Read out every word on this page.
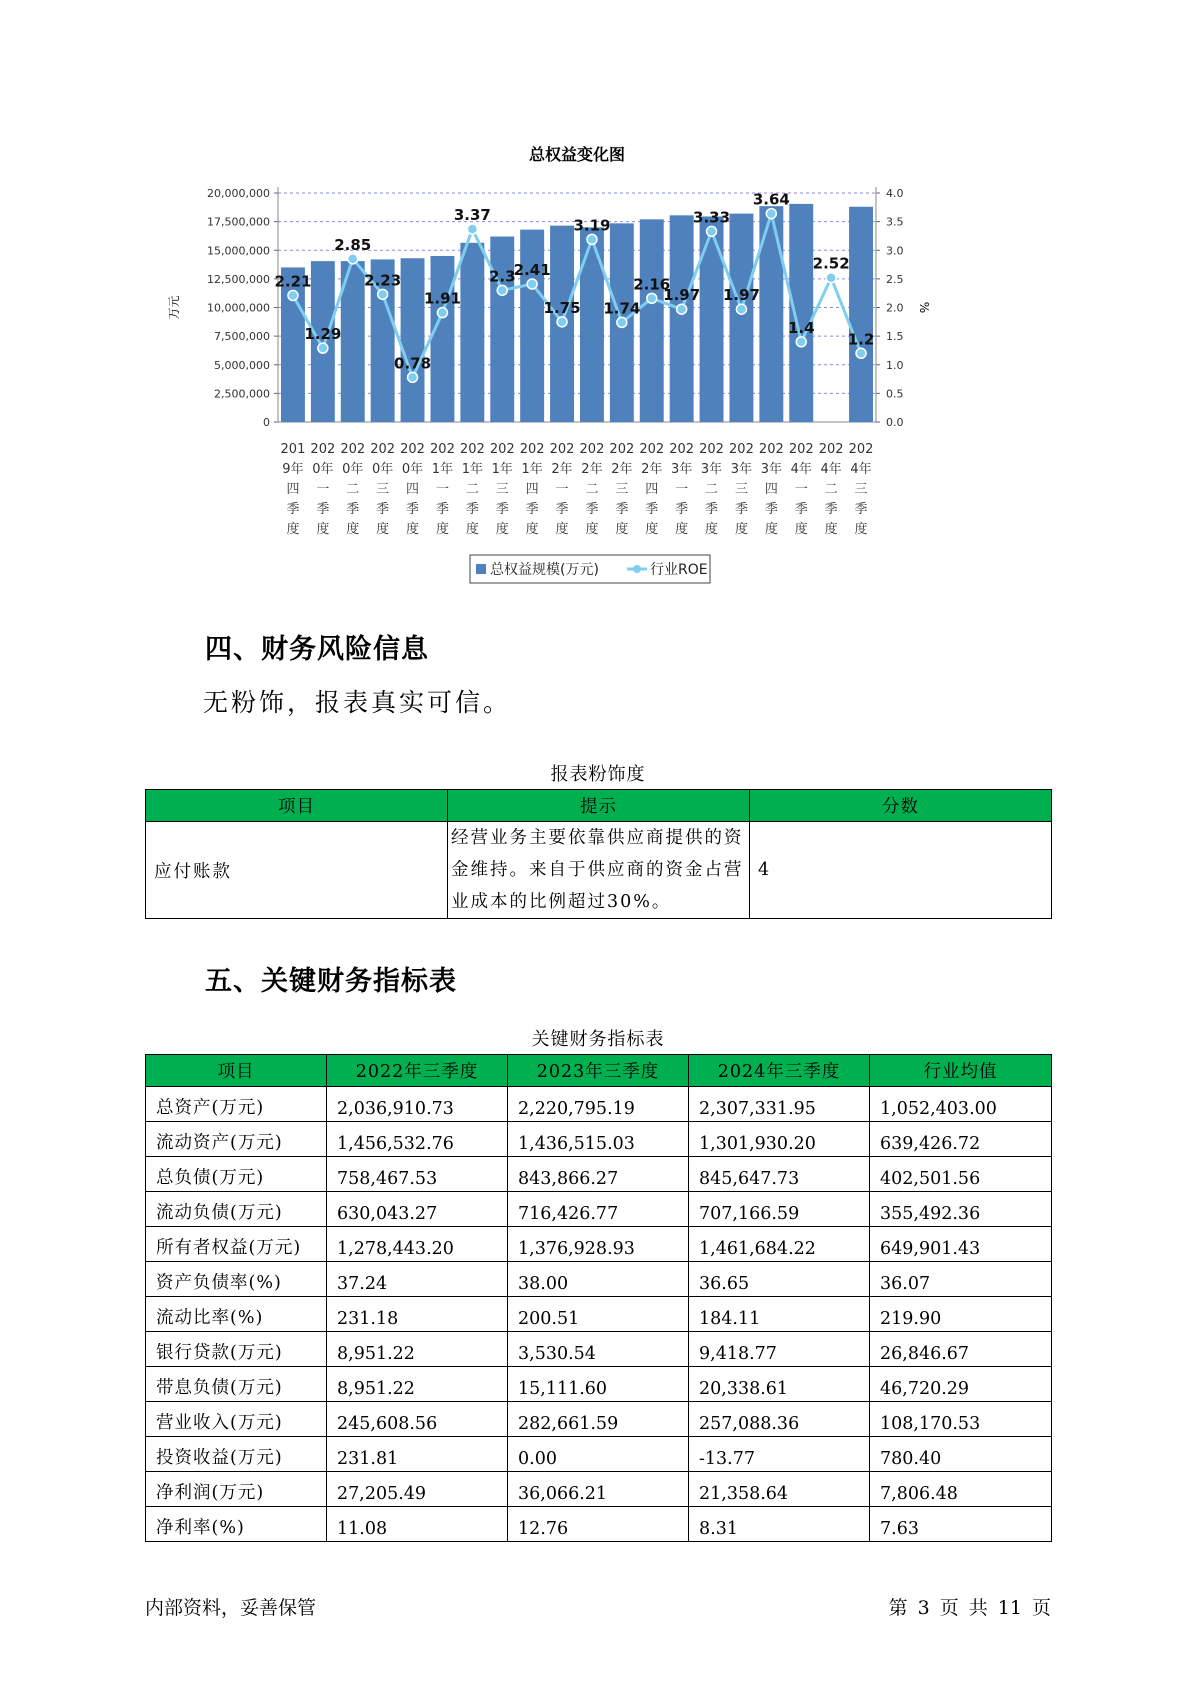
总权益变化图
0
2,500,000
5,000,000
7,500,000
10,000,000
12,500,000
15,000,000
17,500,000
20,000,000
0.0
0.5
1.0
1.5
2.0
2.5
3.0
3.5
4.0
万元	%
2.21
1.29
2.85
2.23
0.78
1.91
3.37
2.3
2.41
1.75
3.19
1.74
2.16
1.97
3.33
1.97
3.64
1.4
2.52
1.2
201
9年
四
季
度
202
0年
一
季
度
202
0年
二
季
度
202
0年
三
季
度
202
0年
四
季
度
202
1年
一
季
度
202
1年
二
季
度
202
1年
三
季
度
202
1年
四
季
度
202
2年
一
季
度
202
2年
二
季
度
202
2年
三
季
度
202
2年
四
季
度
202
3年
一
季
度
202
3年
二
季
度
202
3年
三
季
度
202
3年
四
季
度
202
4年
一
季
度
202
4年
二
季
度
202
4年
三
季
度
总权益规模(万元)	行业ROE
四、财务风险信息

无粉饰，报表真实可信。

报表粉饰度
项目	提示	分数
应付账款	经营业务主要依靠供应商提供的资金维持。来自于供应商的资金占营业成本的比例超过30%。	4
五、关键财务指标表
关键财务指标表
项目	2022年三季度	2023年三季度	2024年三季度	行业均值
总资产(万元)	2,036,910.73	2,220,795.19	2,307,331.95	1,052,403.00
流动资产(万元)	1,456,532.76	1,436,515.03	1,301,930.20	639,426.72
总负债(万元)	758,467.53	843,866.27	845,647.73	402,501.56
流动负债(万元)	630,043.27	716,426.77	707,166.59	355,492.36
所有者权益(万元)	1,278,443.20	1,376,928.93	1,461,684.22	649,901.43
资产负债率(%)	37.24	38.00	36.65	36.07
流动比率(%)	231.18	200.51	184.11	219.90
银行贷款(万元)	8,951.22	3,530.54	9,418.77	26,846.67
带息负债(万元)	8,951.22	15,111.60	20,338.61	46,720.29
营业收入(万元)	245,608.56	282,661.59	257,088.36	108,170.53
投资收益(万元)	231.81	0.00	-13.77	780.40
净利润(万元)	27,205.49	36,066.21	21,358.64	7,806.48
净利率(%)	11.08	12.76	8.31	7.63
内部资料，妥善保管	第 3 页 共 11 页
